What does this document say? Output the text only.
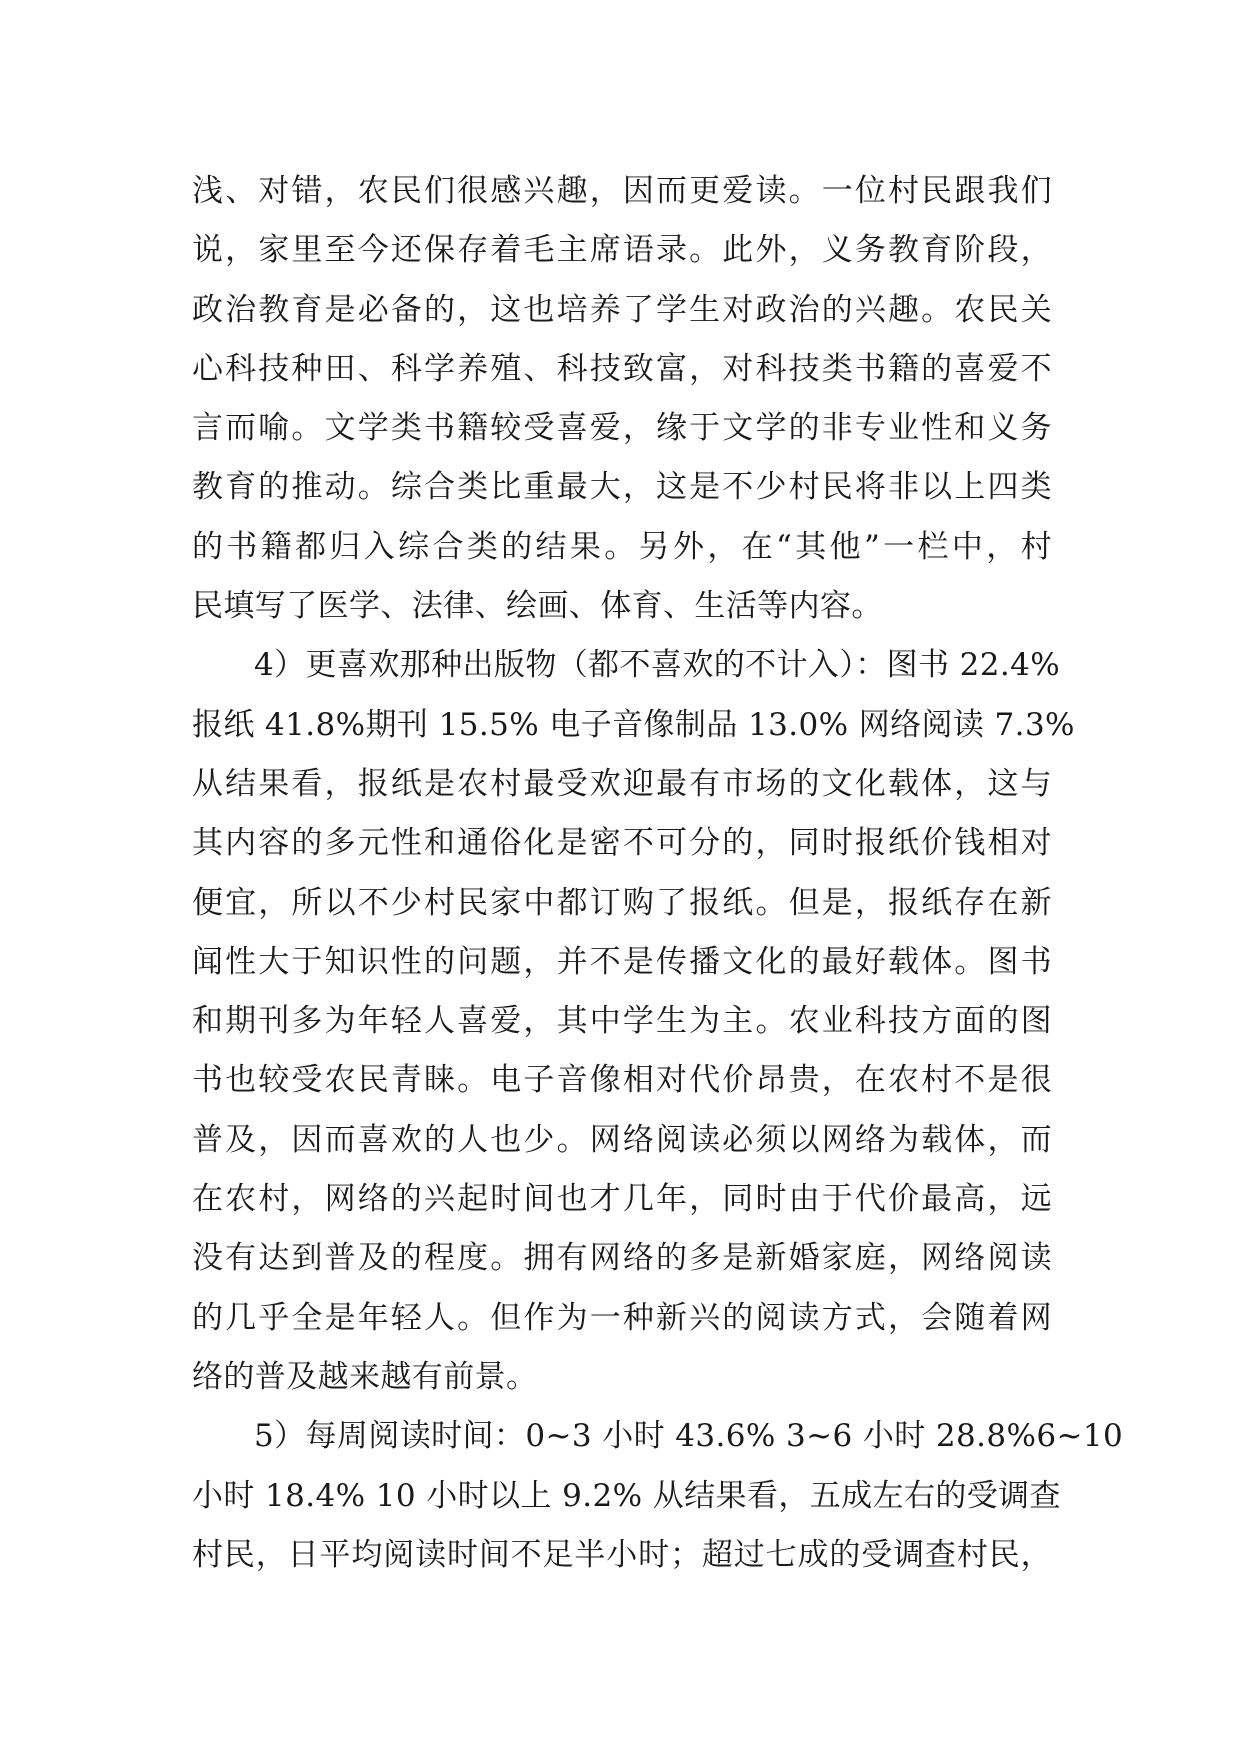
浅、对错，农民们很感兴趣，因而更爱读。一位村民跟我们
说，家里至今还保存着毛主席语录。此外，义务教育阶段，
政治教育是必备的，这也培养了学生对政治的兴趣。农民关
心科技种田、科学养殖、科技致富，对科技类书籍的喜爱不
言而喻。文学类书籍较受喜爱，缘于文学的非专业性和义务
教育的推动。综合类比重最大，这是不少村民将非以上四类
的书籍都归入综合类的结果。另外，在“其他”一栏中，村
民填写了医学、法律、绘画、体育、生活等内容。
4）更喜欢那种出版物（都不喜欢的不计入）：图书 22.4%
报纸 41.8%期刊 15.5% 电子音像制品 13.0% 网络阅读 7.3%
从结果看，报纸是农村最受欢迎最有市场的文化载体，这与
其内容的多元性和通俗化是密不可分的，同时报纸价钱相对
便宜，所以不少村民家中都订购了报纸。但是，报纸存在新
闻性大于知识性的问题，并不是传播文化的最好载体。图书
和期刊多为年轻人喜爱，其中学生为主。农业科技方面的图
书也较受农民青睐。电子音像相对代价昂贵，在农村不是很
普及，因而喜欢的人也少。网络阅读必须以网络为载体，而
在农村，网络的兴起时间也才几年，同时由于代价最高，远
没有达到普及的程度。拥有网络的多是新婚家庭，网络阅读
的几乎全是年轻人。但作为一种新兴的阅读方式，会随着网
络的普及越来越有前景。
5）每周阅读时间：0~3 小时 43.6% 3~6 小时 28.8%6~10
小时 18.4% 10 小时以上 9.2% 从结果看，五成左右的受调查
村民，日平均阅读时间不足半小时；超过七成的受调查村民，
